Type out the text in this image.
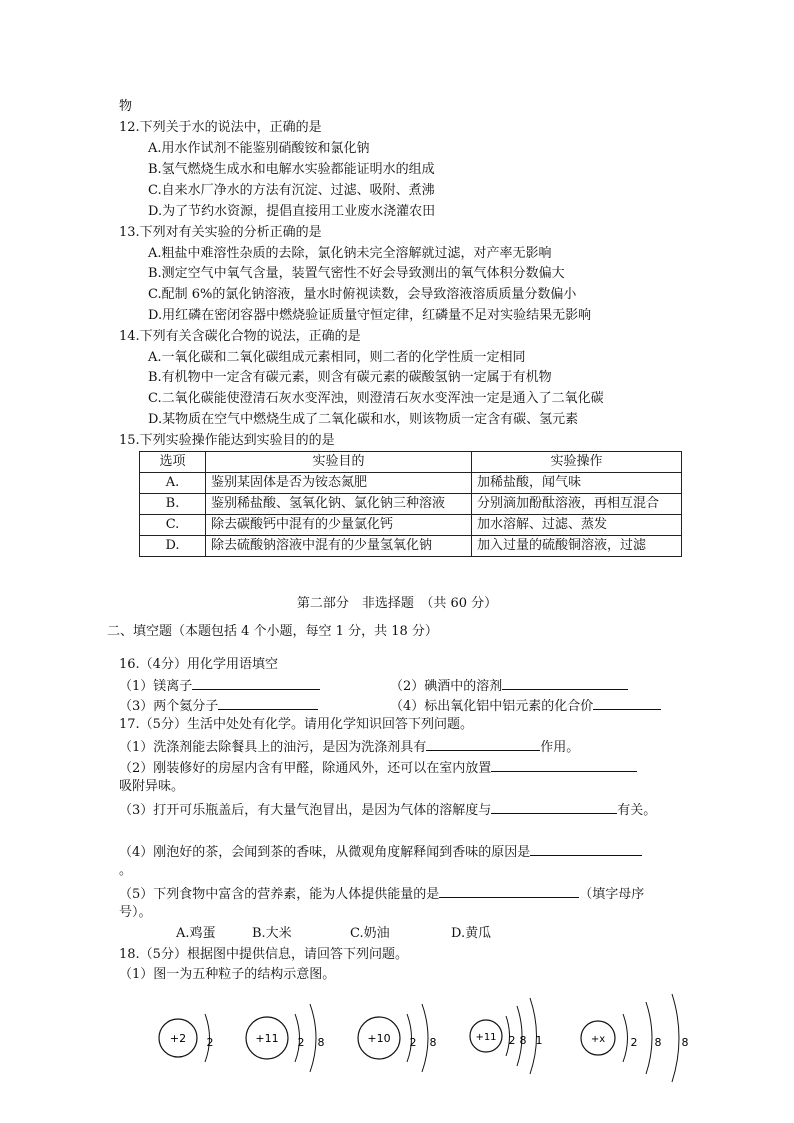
物
12.下列关于水的说法中，正确的是
A.用水作试剂不能鉴别硝酸铵和氯化钠
B.氢气燃烧生成水和电解水实验都能证明水的组成
C.自来水厂净水的方法有沉淀、过滤、吸附、煮沸
D.为了节约水资源，提倡直接用工业废水浇灌农田
13.下列对有关实验的分析正确的是
A.粗盐中难溶性杂质的去除，氯化钠未完全溶解就过滤，对产率无影响
B.测定空气中氧气含量，装置气密性不好会导致测出的氧气体积分数偏大
C.配制 6%的氯化钠溶液，量水时俯视读数，会导致溶液溶质质量分数偏小
D.用红磷在密闭容器中燃烧验证质量守恒定律，红磷量不足对实验结果无影响
14.下列有关含碳化合物的说法，正确的是
A.一氧化碳和二氧化碳组成元素相同，则二者的化学性质一定相同
B.有机物中一定含有碳元素，则含有碳元素的碳酸氢钠一定属于有机物
C.二氧化碳能使澄清石灰水变浑浊，则澄清石灰水变浑浊一定是通入了二氧化碳
D.某物质在空气中燃烧生成了二氧化碳和水，则该物质一定含有碳、氢元素
15.下列实验操作能达到实验目的的是
选项	实验目的	实验操作
A.	鉴别某固体是否为铵态氮肥	加稀盐酸，闻气味
B.	鉴别稀盐酸、氢氧化钠、氯化钠三种溶液	分别滴加酚酞溶液，再相互混合
C.	除去碳酸钙中混有的少量氯化钙	加水溶解、过滤、蒸发
D.	除去硫酸钠溶液中混有的少量氢氧化钠	加入过量的硫酸铜溶液，过滤
第二部分　非选择题　（共 60 分）
二、填空题（本题包括 4 个小题，每空 1 分，共 18 分）
16.（4分）用化学用语填空
（1）镁离子	（2）碘酒中的溶剂
（3）两个氦分子	（4）标出氧化铝中铝元素的化合价
17.（5分）生活中处处有化学。请用化学知识回答下列问题。
（1）洗涤剂能去除餐具上的油污，是因为洗涤剂具有	作用。
（2）刚装修好的房屋内含有甲醛，除通风外，还可以在室内放置
吸附异味。
（3）打开可乐瓶盖后，有大量气泡冒出，是因为气体的溶解度与	有关。
（4）刚泡好的茶，会闻到茶的香味，从微观角度解释闻到香味的原因是
。
（5）下列食物中富含的营养素，能为人体提供能量的是	（填字母序
号）。
A.鸡蛋	B.大米	C.奶油	D.黄瓜
18.（5分）根据图中提供信息，请回答下列问题。
（1）图一为五种粒子的结构示意图。
+2 2	+11 2 8	+10 2 8	+11 2 8 1	+x 2 8 8
